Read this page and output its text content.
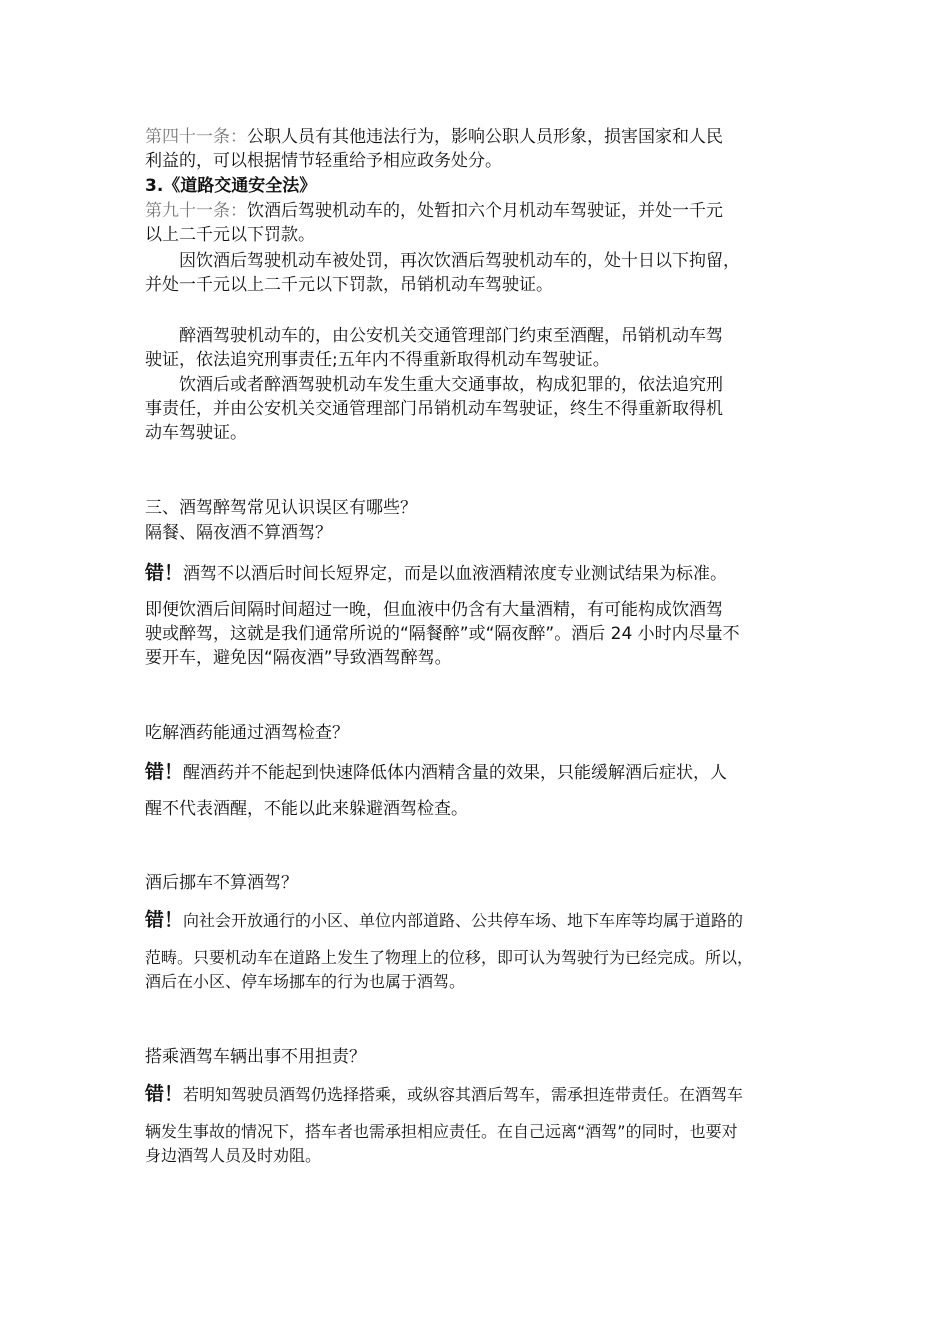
第四十一条：公职人员有其他违法行为，影响公职人员形象，损害国家和人民
利益的，可以根据情节轻重给予相应政务处分。
3.《道路交通安全法》
第九十一条：饮酒后驾驶机动车的，处暂扣六个月机动车驾驶证，并处一千元
以上二千元以下罚款。
因饮酒后驾驶机动车被处罚，再次饮酒后驾驶机动车的，处十日以下拘留，
并处一千元以上二千元以下罚款，吊销机动车驾驶证。
醉酒驾驶机动车的，由公安机关交通管理部门约束至酒醒，吊销机动车驾
驶证，依法追究刑事责任;五年内不得重新取得机动车驾驶证。
饮酒后或者醉酒驾驶机动车发生重大交通事故，构成犯罪的，依法追究刑
事责任，并由公安机关交通管理部门吊销机动车驾驶证，终生不得重新取得机
动车驾驶证。
三、酒驾醉驾常见认识误区有哪些？
隔餐、隔夜酒不算酒驾？
错！酒驾不以酒后时间长短界定，而是以血液酒精浓度专业测试结果为标准。
即便饮酒后间隔时间超过一晚，但血液中仍含有大量酒精，有可能构成饮酒驾
驶或醉驾，这就是我们通常所说的“隔餐醉”或“隔夜醉”。酒后 24 小时内尽量不
要开车，避免因“隔夜酒”导致酒驾醉驾。
吃解酒药能通过酒驾检查？
错！醒酒药并不能起到快速降低体内酒精含量的效果，只能缓解酒后症状，人
醒不代表酒醒，不能以此来躲避酒驾检查。
酒后挪车不算酒驾？
错！向社会开放通行的小区、单位内部道路、公共停车场、地下车库等均属于道路的
范畴。只要机动车在道路上发生了物理上的位移，即可认为驾驶行为已经完成。所以，
酒后在小区、停车场挪车的行为也属于酒驾。
搭乘酒驾车辆出事不用担责？
错！若明知驾驶员酒驾仍选择搭乘，或纵容其酒后驾车，需承担连带责任。在酒驾车
辆发生事故的情况下，搭车者也需承担相应责任。在自己远离“酒驾”的同时，也要对
身边酒驾人员及时劝阻。
